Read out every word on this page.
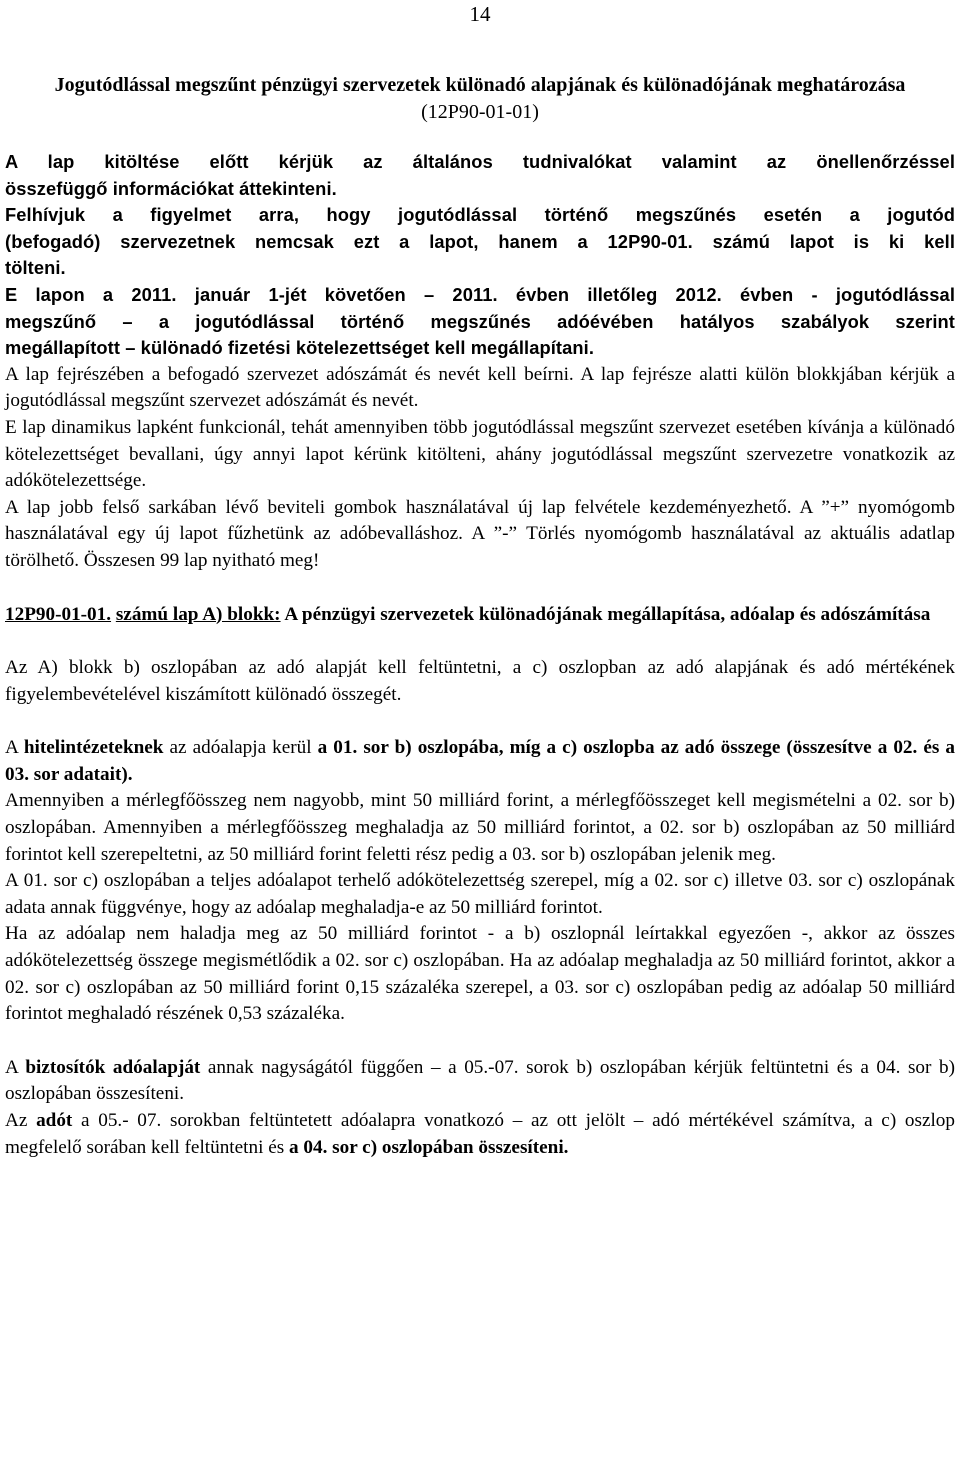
14
Jogutódlással megszűnt pénzügyi szervezetek különadó alapjának és különadójának meghatározása
(12P90-01-01)
A lap kitöltése előtt kérjük az általános tudnivalókat valamint az önellenőrzéssel
összefüggő információkat áttekinteni.
Felhívjuk a figyelmet arra, hogy jogutódlással történő megszűnés esetén a jogutód
(befogadó) szervezetnek nemcsak ezt a lapot, hanem a 12P90-01. számú lapot is ki kell
tölteni.
E lapon a 2011. január 1-jét követően – 2011. évben illetőleg 2012. évben - jogutódlással
megszűnő – a jogutódlással történő megszűnés adóévében hatályos szabályok szerint
megállapított – különadó fizetési kötelezettséget kell megállapítani.

A lap fejrészében a befogadó szervezet adószámát és nevét kell beírni. A lap fejrésze alatti külön blokkjában kérjük a jogutódlással megszűnt szervezet adószámát és nevét.

E lap dinamikus lapként funkcionál, tehát amennyiben több jogutódlással megszűnt szervezet esetében kívánja a különadó kötelezettséget bevallani, úgy annyi lapot kérünk kitölteni, ahány jogutódlással megszűnt szervezetre vonatkozik az adókötelezettsége.

A lap jobb felső sarkában lévő beviteli gombok használatával új lap felvétele kezdeményezhető. A ”+” nyomógomb használatával egy új lapot fűzhetünk az adóbevalláshoz. A ”-” Törlés nyomógomb használatával az aktuális adatlap törölhető. Összesen 99 lap nyitható meg!

12P90-01-01. számú lap A) blokk: A pénzügyi szervezetek különadójának megállapítása, adóalap és adószámítása

Az A) blokk b) oszlopában az adó alapját kell feltüntetni, a c) oszlopban az adó alapjának és adó mértékének figyelembevételével kiszámított különadó összegét.

A hitelintézeteknek az adóalapja kerül a 01. sor b) oszlopába, míg a c) oszlopba az adó összege (összesítve a 02. és a 03. sor adatait).

Amennyiben a mérlegfőösszeg nem nagyobb, mint 50 milliárd forint, a mérlegfőösszeget kell megismételni a 02. sor b) oszlopában. Amennyiben a mérlegfőösszeg meghaladja az 50 milliárd forintot, a 02. sor b) oszlopában az 50 milliárd forintot kell szerepeltetni, az 50 milliárd forint feletti rész pedig a 03. sor b) oszlopában jelenik meg.

A 01. sor c) oszlopában a teljes adóalapot terhelő adókötelezettség szerepel, míg a 02. sor c) illetve 03. sor c) oszlopának adata annak függvénye, hogy az adóalap meghaladja-e az 50 milliárd forintot.

Ha az adóalap nem haladja meg az 50 milliárd forintot - a b) oszlopnál leírtakkal egyezően -, akkor az összes adókötelezettség összege megismétlődik a 02. sor c) oszlopában. Ha az adóalap meghaladja az 50 milliárd forintot, akkor a 02. sor c) oszlopában az 50 milliárd forint 0,15 százaléka szerepel, a 03. sor c) oszlopában pedig az adóalap 50 milliárd forintot meghaladó részének 0,53 százaléka.

A biztosítók adóalapját annak nagyságától függően – a 05.-07. sorok b) oszlopában kérjük feltüntetni és a 04. sor b) oszlopában összesíteni.

Az adót a 05.- 07. sorokban feltüntetett adóalapra vonatkozó – az ott jelölt – adó mértékével számítva, a c) oszlop megfelelő sorában kell feltüntetni és a 04. sor c) oszlopában összesíteni.
